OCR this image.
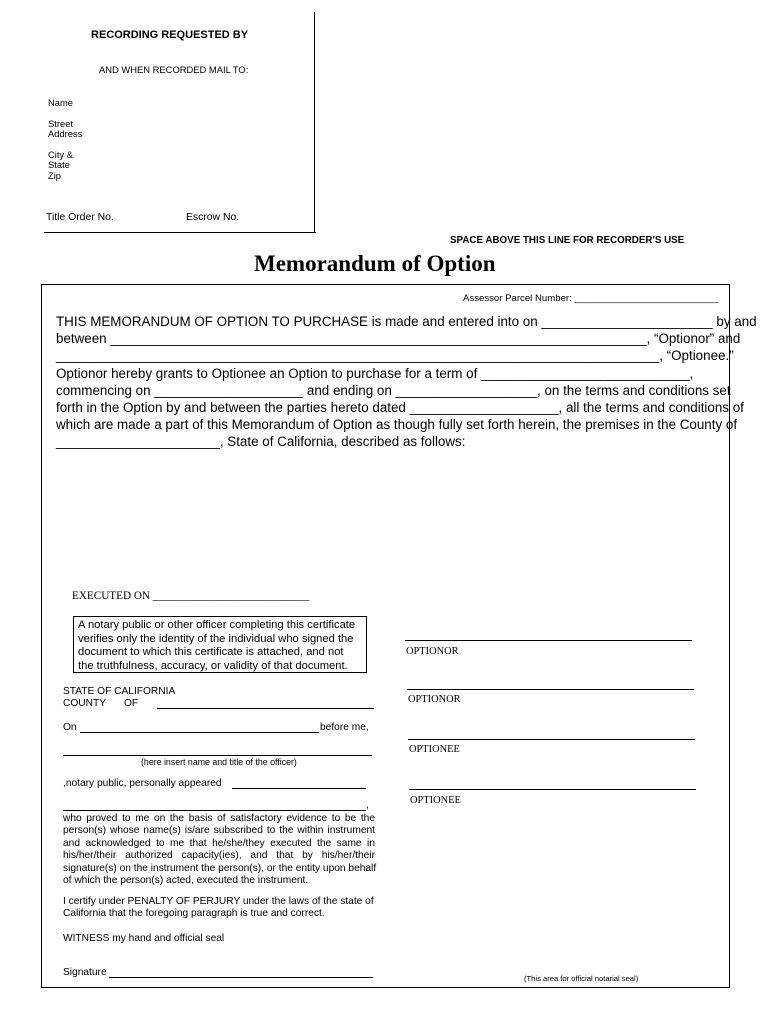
RECORDING REQUESTED BY
AND WHEN RECORDED MAIL TO:
Name
Street
Address
City &
State
Zip
Title Order No.	Escrow No.
SPACE ABOVE THIS LINE FOR RECORDER'S USE
Memorandum of Option
Assessor Parcel Number: ___________________________
THIS MEMORANDUM OF OPTION TO PURCHASE is made and entered into on _______________________ by and
between ________________________________________________________________________, “Optionor” and
_________________________________________________________________________________, “Optionee.”
Optionor hereby grants to Optionee an Option to purchase for a term of ____________________________,
commencing on ____________________ and ending on ___________________, on the terms and conditions set
forth in the Option by and between the parties hereto dated ____________________, all the terms and conditions of
which are made a part of this Memorandum of Option as though fully set forth herein, the premises in the County of
______________________, State of California, described as follows:
EXECUTED ON ____________________________
A notary public or other officer completing this certificate
verifies only the identity of the individual who signed the
document to which this certificate is attached, and not
the truthfulness, accuracy, or validity of that document.
OPTIONOR
OPTIONOR
OPTIONEE
OPTIONEE
STATE OF CALIFORNIA
COUNTY OF
On	before me,
(here insert name and title of the officer)
,notary public, personally appeared
,
who proved to me on the basis of satisfactory evidence to be the
person(s) whose name(s) is/are subscribed to the within instrument
and acknowledged to me that he/she/they executed the same in
his/her/their authorized capacity(ies), and that by his/her/their
signature(s) on the instrument the person(s), or the entity upon behalf
of which the person(s) acted, executed the instrument.
I certify under PENALTY OF PERJURY under the laws of the state of
California that the foregoing paragraph is true and correct.
WITNESS my hand and official seal
Signature
(This area for official notarial seal)
